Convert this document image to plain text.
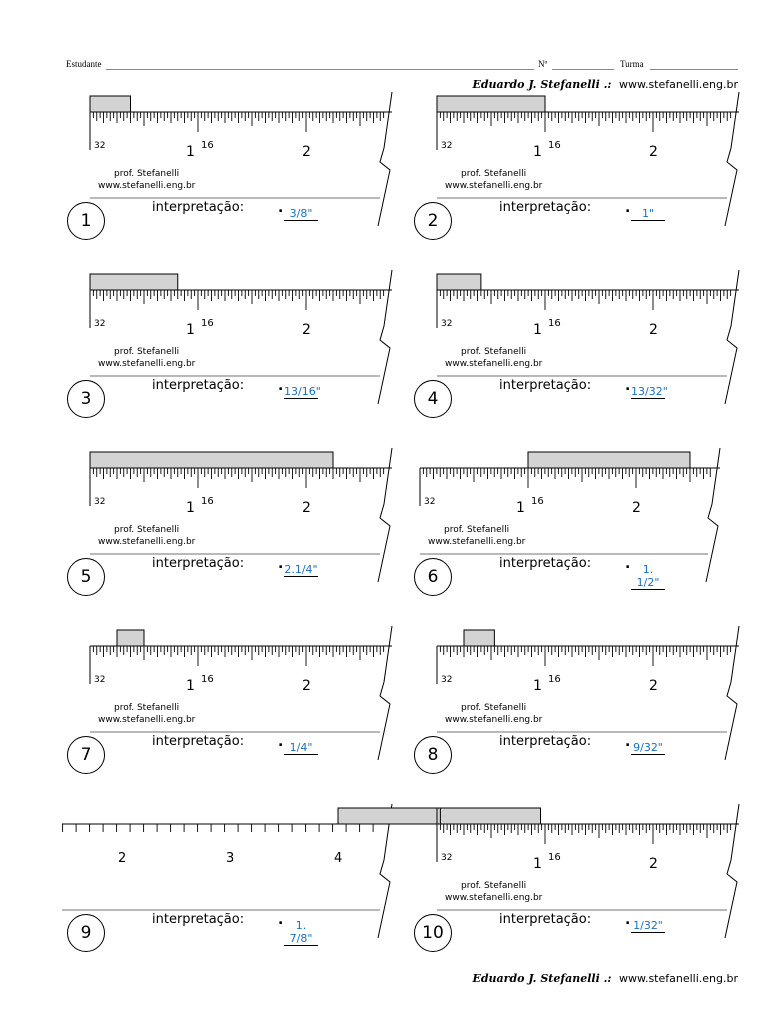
Estudante	Nº	Turma
Eduardo J. Stefanelli .: www.stefanelli.eng.br
Eduardo J. Stefanelli .: www.stefanelli.eng.br
32	1 16	2
prof. Stefanelli
www.stefanelli.eng.br
1
interpretação: . 3/8"
32	1 16	2
prof. Stefanelli
www.stefanelli.eng.br
2
interpretação: .	1"
32	1 16	2
prof. Stefanelli
www.stefanelli.eng.br
3
interpretação: . 13/16"
32	1 16	2
prof. Stefanelli
www.stefanelli.eng.br
4
interpretação: . 13/32"
32	1 16	2
prof. Stefanelli
www.stefanelli.eng.br
5
interpretação: . 2.1/4"
32	1 16	2
prof. Stefanelli
www.stefanelli.eng.br
6
interpretação: .	1. 1/2"
32	1 16	2
prof. Stefanelli
www.stefanelli.eng.br
7
interpretação: . 1/4"
32	1 16	2
prof. Stefanelli
www.stefanelli.eng.br
8
interpretação: . 9/32"
2	3	4
9
interpretação: .	1. 7/8"
32	1 16	2
prof. Stefanelli
www.stefanelli.eng.br
10
interpretação: . 1/32"
